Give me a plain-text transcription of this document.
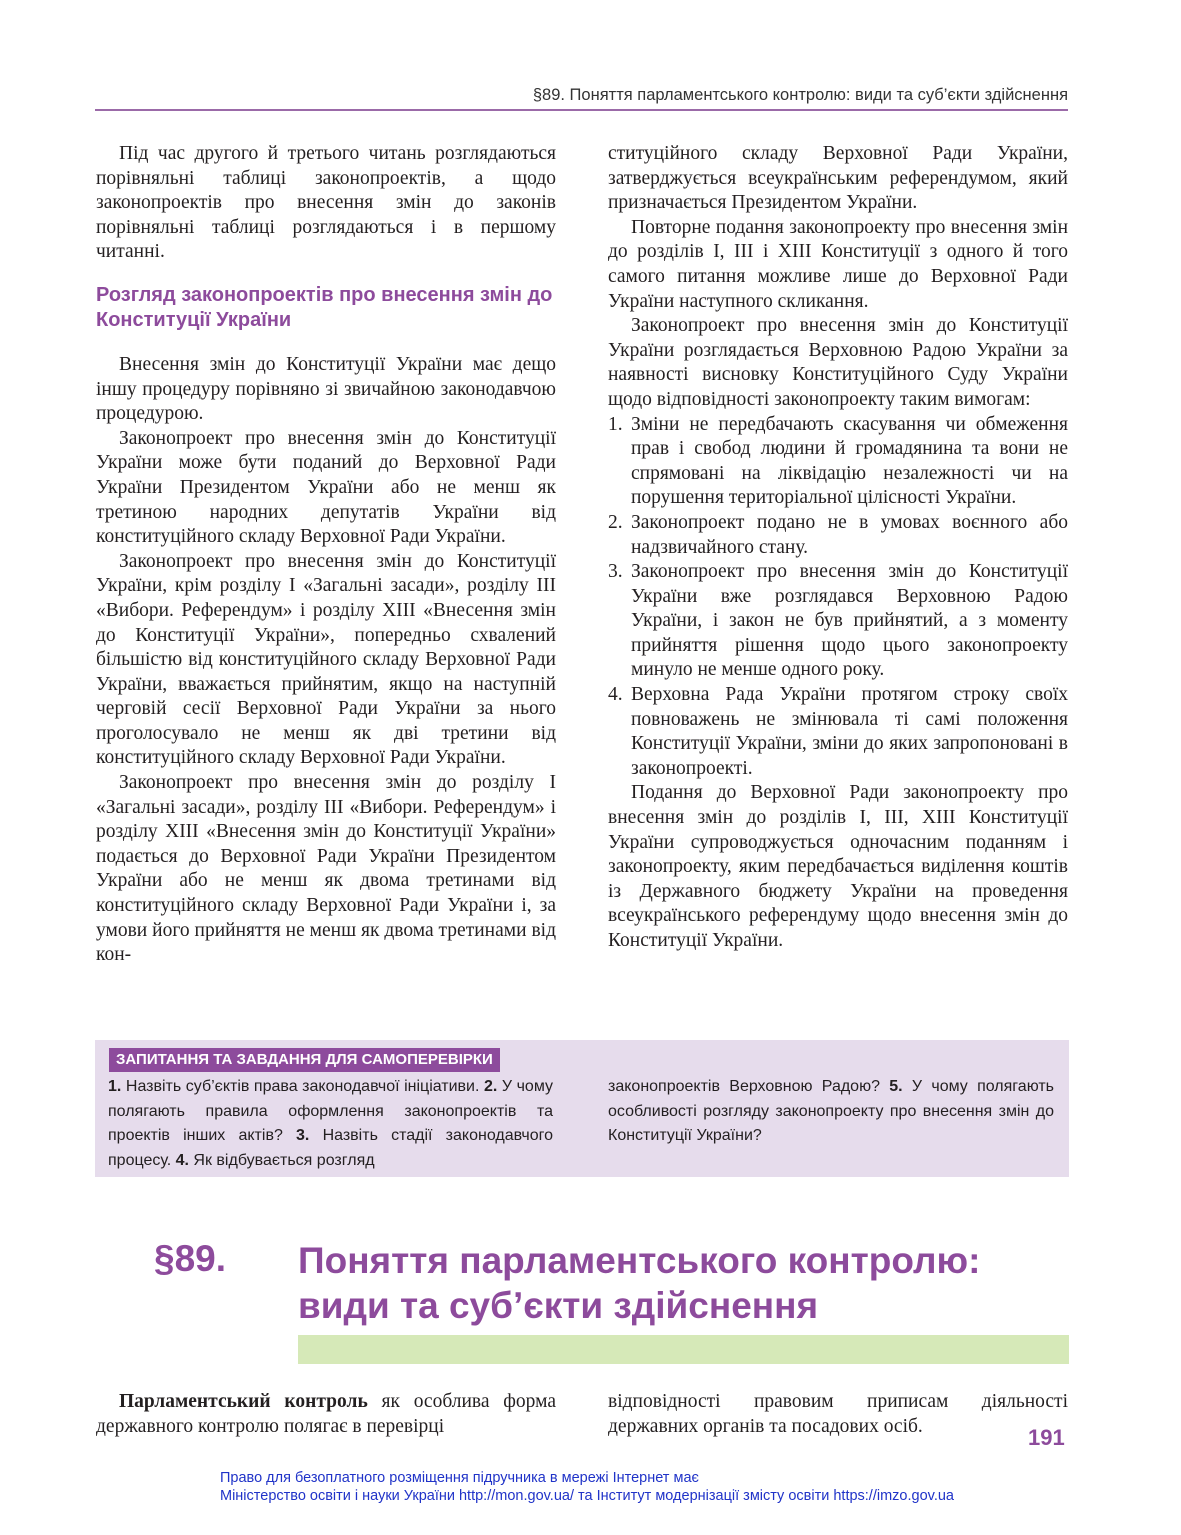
§89. Поняття парламентського контролю: види та суб’єкти здійснення

Під час другого й третього читань розглядаються порівняльні таблиці законопроектів, а щодо законопроектів про внесення змін до законів порівняльні таблиці розглядаються і в першому читанні.

Розгляд законопроектів про внесення змін до Конституції України

Внесення змін до Конституції України має дещо іншу процедуру порівняно зі звичайною законодавчою процедурою.

Законопроект про внесення змін до Конституції України може бути поданий до Верховної Ради України Президентом України або не менш як третиною народних депутатів України від конституційного складу Верховної Ради України.

Законопроект про внесення змін до Конституції України, крім розділу I «Загальні засади», розділу III «Вибори. Референдум» і розділу XIII «Внесення змін до Конституції України», попередньо схвалений більшістю від конституційного складу Верховної Ради України, вважається прийнятим, якщо на наступній черговій сесії Верховної Ради України за нього проголосувало не менш як дві третини від конституційного складу Верховної Ради України.

Законопроект про внесення змін до розділу I «Загальні засади», розділу III «Вибори. Референдум» і розділу XIII «Внесення змін до Конституції України» подається до Верховної Ради України Президентом України або не менш як двома третинами від конституційного складу Верховної Ради України і, за умови його прийняття не менш як двома третинами від кон-

ституційного складу Верховної Ради України, затверджується всеукраїнським референдумом, який призначається Президентом України.

Повторне подання законопроекту про внесення змін до розділів I, III і XIII Конституції з одного й того самого питання можливе лише до Верховної Ради України наступного скликання.

Законопроект про внесення змін до Конституції України розглядається Верховною Радою України за наявності висновку Конституційного Суду України щодо відповідності законопроекту таким вимогам:

1. Зміни не передбачають скасування чи обмеження прав і свобод людини й громадянина та вони не спрямовані на ліквідацію незалежності чи на порушення територіальної цілісності України.
2. Законопроект подано не в умовах воєнного або надзвичайного стану.
3. Законопроект про внесення змін до Конституції України вже розглядався Верховною Радою України, і закон не був прийнятий, а з моменту прийняття рішення щодо цього законопроекту минуло не менше одного року.
4. Верховна Рада України протягом строку своїх повноважень не змінювала ті самі положення Конституції України, зміни до яких запропоновані в законопроекті.

Подання до Верховної Ради законопроекту про внесення змін до розділів I, III, XIII Конституції України супроводжується одночасним поданням і законопроекту, яким передбачається виділення коштів із Державного бюджету України на проведення всеукраїнського референдуму щодо внесення змін до Конституції України.

ЗАПИТАННЯ ТА ЗАВДАННЯ ДЛЯ САМОПЕРЕВІРКИ
1. Назвіть суб’єктів права законодавчої ініціативи. 2. У чому полягають правила оформлення законопроектів та проектів інших актів? 3. Назвіть стадії законодавчого процесу. 4. Як відбувається розгляд
законопроектів Верховною Радою? 5. У чому полягають особливості розгляду законопроекту про внесення змін до Конституції України?
§89. Поняття парламентського контролю: види та суб’єкти здійснення

Парламентський контроль як особлива форма державного контролю полягає в перевірці

відповідності правовим приписам діяльності державних органів та посадових осіб.	191
Право для безоплатного розміщення підручника в мережі Інтернет має
Міністерство освіти і науки України http://mon.gov.ua/ та Інститут модернізації змісту освіти https://imzo.gov.ua
